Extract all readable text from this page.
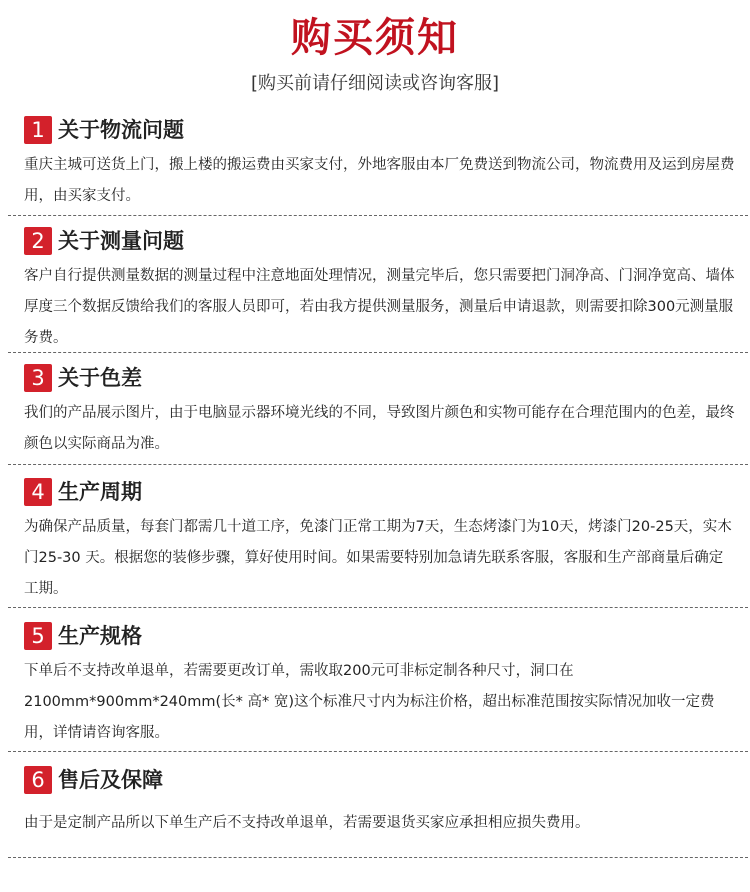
购买须知
[购买前请仔细阅读或咨询客服]
1 关于物流问题
重庆主城可送货上门，搬上楼的搬运费由买家支付，外地客服由本厂免费送到物流公司，物流费用及运到房屋费用，由买家支付。
2 关于测量问题
客户自行提供测量数据的测量过程中注意地面处理情况，测量完毕后，您只需要把门洞净高、门洞净宽高、墙体厚度三个数据反馈给我们的客服人员即可，若由我方提供测量服务，测量后申请退款，则需要扣除300元测量服务费。
3 关于色差
我们的产品展示图片，由于电脑显示器环境光线的不同，导致图片颜色和实物可能存在合理范围内的色差，最终颜色以实际商品为准。
4 生产周期
为确保产品质量，每套门都需几十道工序，免漆门正常工期为7天，生态烤漆门为10天，烤漆门20-25天，实木门25-30 天。根据您的装修步骤，算好使用时间。如果需要特别加急请先联系客服，客服和生产部商量后确定工期。
5 生产规格
下单后不支持改单退单，若需要更改订单，需收取200元可非标定制各种尺寸，洞口在 2100mm*900mm*240mm(长* 高* 宽)这个标准尺寸内为标注价格，超出标准范围按实际情况加收一定费用，详情请咨询客服。
6 售后及保障
由于是定制产品所以下单生产后不支持改单退单，若需要退货买家应承担相应损失费用。
